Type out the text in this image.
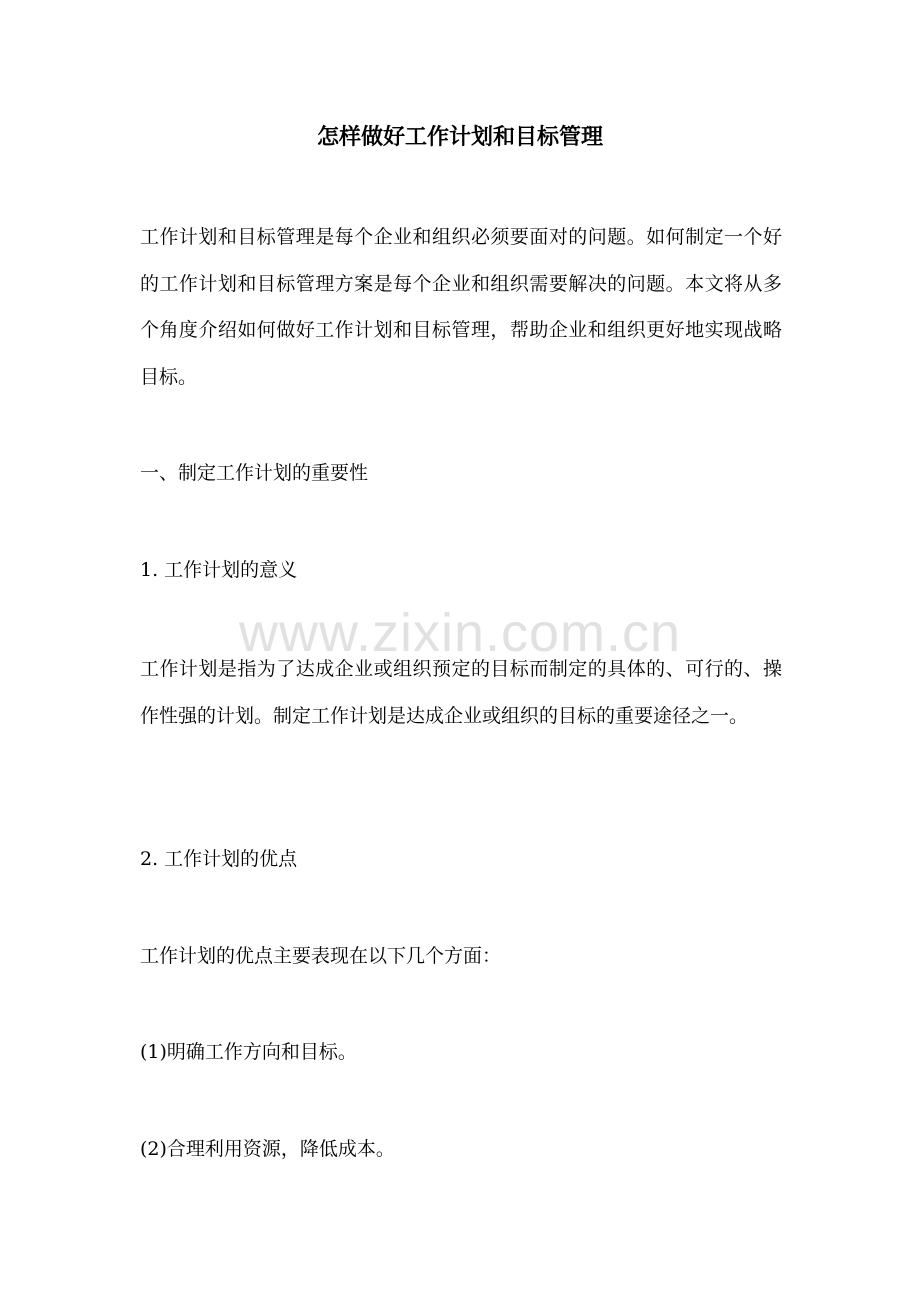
怎样做好工作计划和目标管理

工作计划和目标管理是每个企业和组织必须要面对的问题。如何制定一个好的工作计划和目标管理方案是每个企业和组织需要解决的问题。本文将从多个角度介绍如何做好工作计划和目标管理，帮助企业和组织更好地实现战略目标。

一、制定工作计划的重要性

1. 工作计划的意义

工作计划是指为了达成企业或组织预定的目标而制定的具体的、可行的、操作性强的计划。制定工作计划是达成企业或组织的目标的重要途径之一。

2. 工作计划的优点

工作计划的优点主要表现在以下几个方面：

(1)明确工作方向和目标。

(2)合理利用资源，降低成本。

www.zixin.com.cn
